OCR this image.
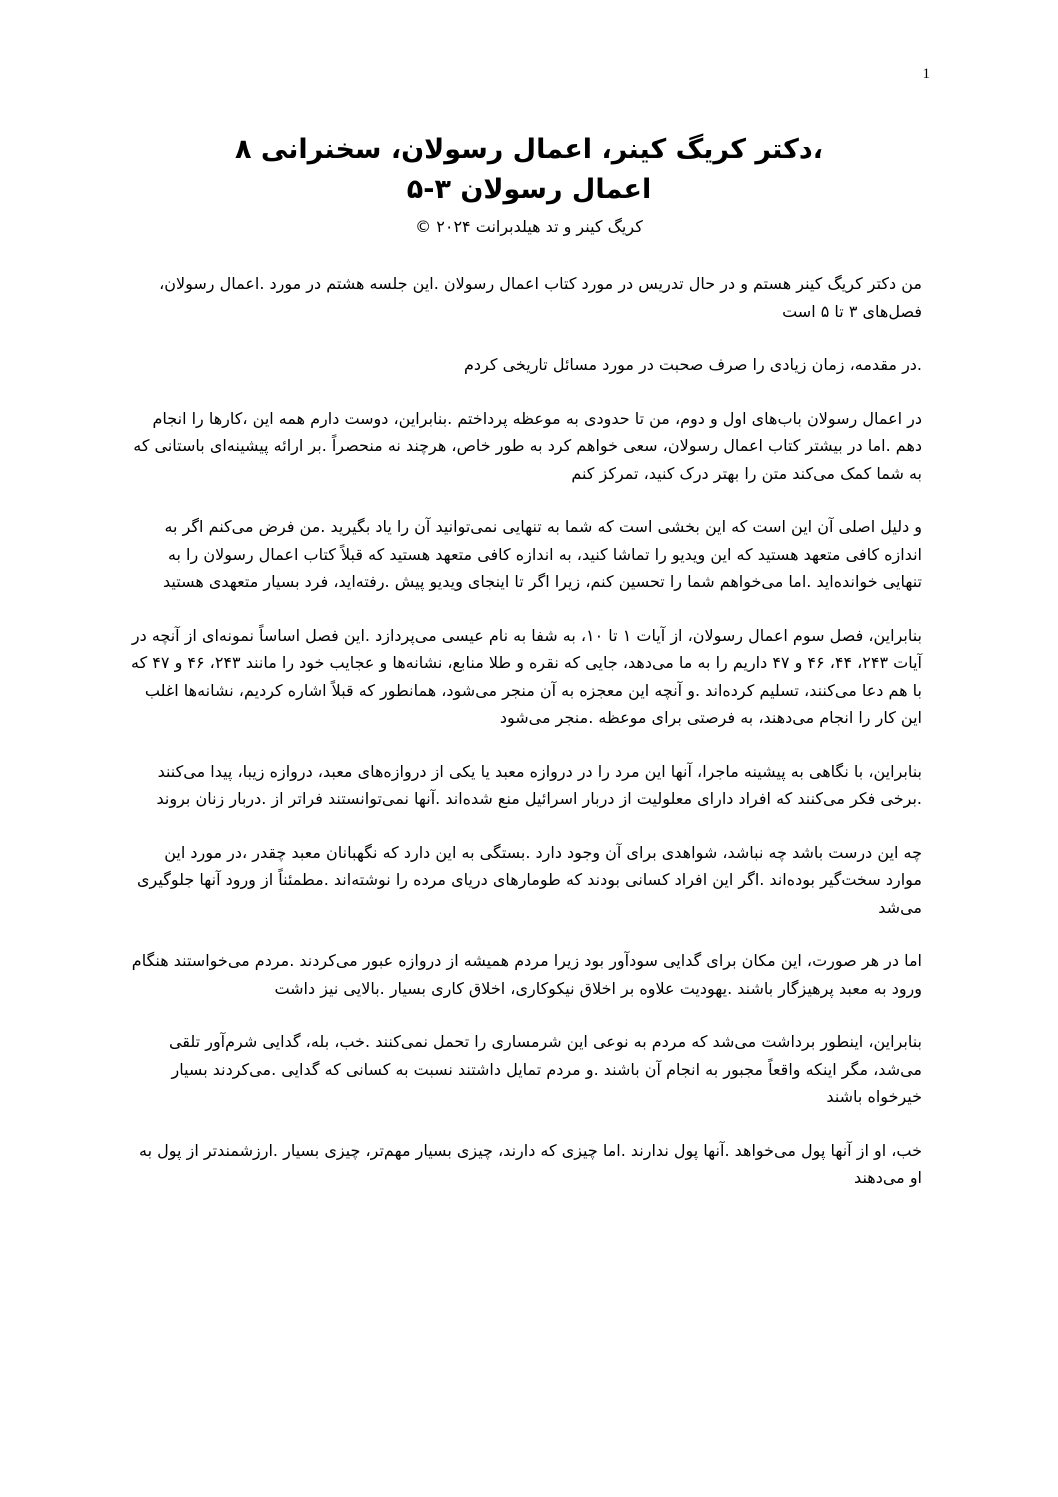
1
،دکتر کریگ کینر، اعمال رسولان، سخنرانی ۸
اعمال رسولان ۳-۵
کریگ کینر و تد هیلدبرانت ۲۰۲۴ ©

من دکتر کریگ کینر هستم و در حال تدریس در مورد کتاب اعمال رسولان .این جلسه هشتم در مورد .اعمال رسولان، فصل‌های ۳ تا ۵ است

.در مقدمه، زمان زیادی را صرف صحبت در مورد مسائل تاریخی کردم

در اعمال رسولان باب‌های اول و دوم، من تا حدودی به موعظه پرداختم .بنابراین، دوست دارم همه این ،کارها را انجام دهم .اما در بیشتر کتاب اعمال رسولان، سعی خواهم کرد به طور خاص، هرچند نه منحصراً .بر ارائه پیشینه‌ای باستانی که به شما کمک می‌کند متن را بهتر درک کنید، تمرکز کنم

و دلیل اصلی آن این است که این بخشی است که شما به تنهایی نمی‌توانید آن را یاد بگیرید .من فرض می‌کنم اگر به اندازه کافی متعهد هستید که این ویدیو را تماشا کنید، به اندازه کافی متعهد هستید که قبلاً کتاب اعمال رسولان را به تنهایی خوانده‌اید .اما می‌خواهم شما را تحسین کنم، زیرا اگر تا اینجای ویدیو پیش .رفته‌اید، فرد بسیار متعهدی هستید

بنابراین، فصل سوم اعمال رسولان، از آیات ۱ تا ۱۰، به شفا به نام عیسی می‌پردازد .این فصل اساساً نمونه‌ای از آنچه در آیات ۲۴۳، ۴۴، ۴۶ و ۴۷ داریم را به ما می‌دهد، جایی که نقره و طلا منابع، نشانه‌ها و عجایب خود را مانند ۲۴۳، ۴۶ و ۴۷ که با هم دعا می‌کنند، تسلیم کرده‌اند .و آنچه این معجزه به آن منجر می‌شود، همانطور که قبلاً اشاره کردیم، نشانه‌ها اغلب این کار را انجام می‌دهند، به فرصتی برای موعظه .منجر می‌شود

بنابراین، با نگاهی به پیشینه ماجرا، آنها این مرد را در دروازه معبد یا یکی از دروازه‌های معبد، دروازه زیبا، پیدا می‌کنند .برخی فکر می‌کنند که افراد دارای معلولیت از دربار اسرائیل منع شده‌اند .آنها نمی‌توانستند فراتر از .دربار زنان بروند

چه این درست باشد چه نباشد، شواهدی برای آن وجود دارد .بستگی به این دارد که نگهبانان معبد چقدر ،در مورد این موارد سخت‌گیر بوده‌اند .اگر این افراد کسانی بودند که طومارهای دریای مرده را نوشته‌اند .مطمئناً از ورود آنها جلوگیری می‌شد

اما در هر صورت، این مکان برای گدایی سودآور بود زیرا مردم همیشه از دروازه عبور می‌کردند .مردم می‌خواستند هنگام ورود به معبد پرهیزگار باشند .یهودیت علاوه بر اخلاق نیکوکاری، اخلاق کاری بسیار .بالایی نیز داشت

بنابراین، اینطور برداشت می‌شد که مردم به نوعی این شرمساری را تحمل نمی‌کنند .خب، بله، گدایی شرم‌آور تلقی می‌شد، مگر اینکه واقعاً مجبور به انجام آن باشند .و مردم تمایل داشتند نسبت به کسانی که گدایی .می‌کردند بسیار خیرخواه باشند

خب، او از آنها پول می‌خواهد .آنها پول ندارند .اما چیزی که دارند، چیزی بسیار مهم‌تر، چیزی بسیار .ارزشمندتر از پول به او می‌دهند
